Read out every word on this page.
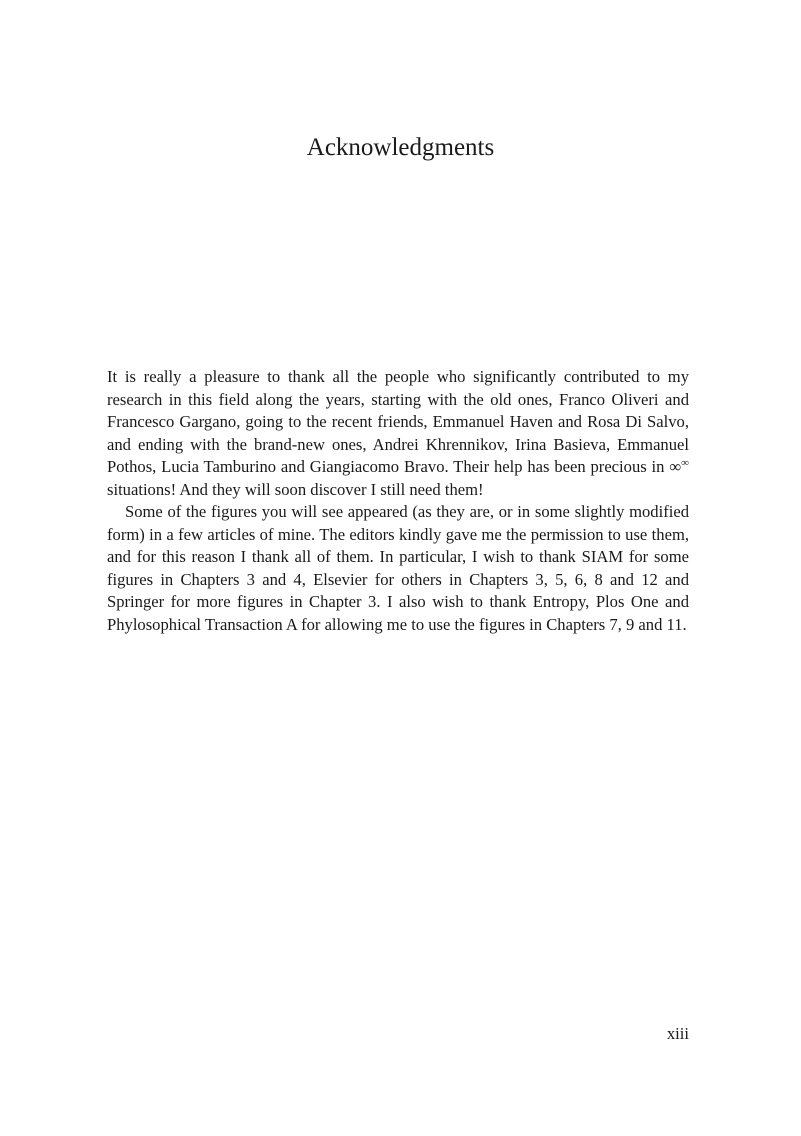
Acknowledgments

It is really a pleasure to thank all the people who significantly contributed to my research in this field along the years, starting with the old ones, Franco Oliveri and Francesco Gargano, going to the recent friends, Emmanuel Haven and Rosa Di Salvo, and ending with the brand-new ones, Andrei Khrennikov, Irina Basieva, Emmanuel Pothos, Lucia Tamburino and Giangiacomo Bravo. Their help has been precious in ∞∞ situations! And they will soon discover I still need them!

Some of the figures you will see appeared (as they are, or in some slightly modified form) in a few articles of mine. The editors kindly gave me the permission to use them, and for this reason I thank all of them. In particular, I wish to thank SIAM for some figures in Chapters 3 and 4, Elsevier for others in Chapters 3, 5, 6, 8 and 12 and Springer for more figures in Chapter 3. I also wish to thank Entropy, Plos One and Phylosophical Transaction A for allowing me to use the figures in Chapters 7, 9 and 11.

xiii
